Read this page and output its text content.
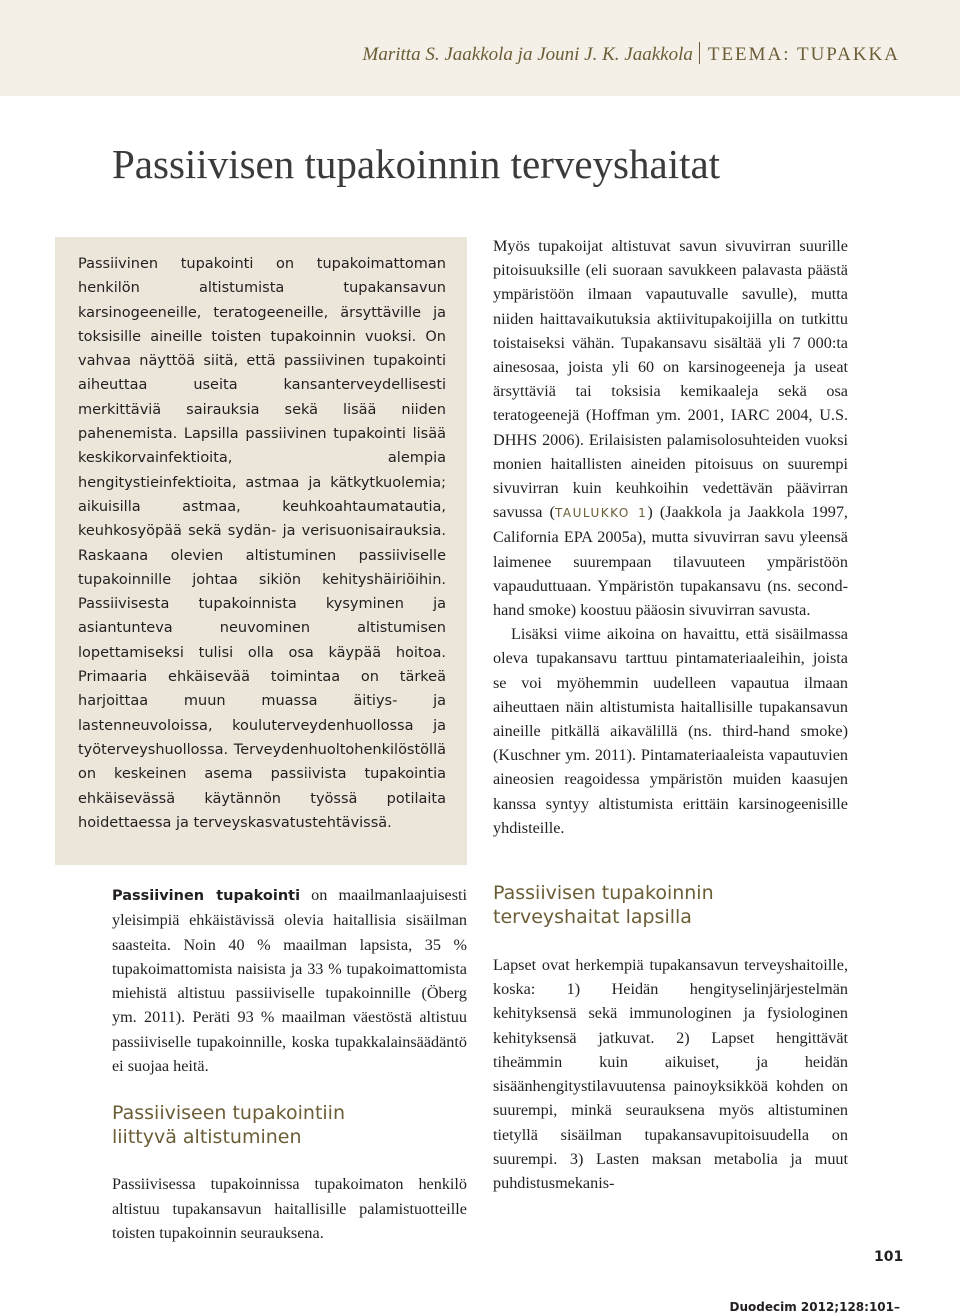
Maritta S. Jaakkola ja Jouni J. K. Jaakkola TEEMA: TUPAKKA
Passiivisen tupakoinnin terveyshaitat

Passiivinen tupakointi on tupakoimattoman henkilön altistumista tupakansavun karsinogeeneille, teratogeeneille, ärsyttäville ja toksisille aineille toisten tupakoinnin vuoksi. On vahvaa näyttöä siitä, että passiivinen tupakointi aiheuttaa useita kansanterveydellisesti merkittäviä sairauksia sekä lisää niiden pahenemista. Lapsilla passiivinen tupakointi lisää keskikorvainfektioita, alempia hengitystieinfektioita, astmaa ja kätkytkuolemia; aikuisilla astmaa, keuhkoahtaumatautia, keuhkosyöpää sekä sydän- ja verisuonisairauksia. Raskaana olevien altistuminen passiiviselle tupakoinnille johtaa sikiön kehityshäiriöihin. Passiivisesta tupakoinnista kysyminen ja asiantunteva neuvominen altistumisen lopettamiseksi tulisi olla osa käypää hoitoa. Primaaria ehkäisevää toimintaa on tärkeä harjoittaa muun muassa äitiys- ja lastenneuvoloissa, kouluterveydenhuollossa ja työterveyshuollossa. Terveydenhuoltohenkilöstöllä on keskeinen asema passiivista tupakointia ehkäisevässä käytännön työssä potilaita hoidettaessa ja terveyskasvatustehtävissä.

Passiivinen tupakointi on maailmanlaajuisesti yleisimpiä ehkäistävissä olevia haitallisia sisäilman saasteita. Noin 40 % maailman lapsista, 35 % tupakoimattomista naisista ja 33 % tupakoimattomista miehistä altistuu passiiviselle tupakoinnille (Öberg ym. 2011). Peräti 93 % maailman väestöstä altistuu passiiviselle tupakoinnille, koska tupakkalainsäädäntö ei suojaa heitä.

Passiiviseen tupakointiin
liittyvä altistuminen

Passiivisessa tupakoinnissa tupakoimaton henkilö altistuu tupakansavun haitallisille palamistuotteille toisten tupakoinnin seurauksena.

Myös tupakoijat altistuvat savun sivuvirran suurille pitoisuuksille (eli suoraan savukkeen palavasta päästä ympäristöön ilmaan vapautuvalle savulle), mutta niiden haittavaikutuksia aktiivitupakoijilla on tutkittu toistaiseksi vähän. Tupakansavu sisältää yli 7 000:ta ainesosaa, joista yli 60 on karsinogeeneja ja useat ärsyttäviä tai toksisia kemikaaleja sekä osa teratogeenejä (Hoffman ym. 2001, IARC 2004, U.S. DHHS 2006). Erilaisisten palamisolosuhteiden vuoksi monien haitallisten aineiden pitoisuus on suurempi sivuvirran kuin keuhkoihin vedettävän päävirran savussa (TAULUKKO 1) (Jaakkola ja Jaakkola 1997, California EPA 2005a), mutta sivuvirran savu yleensä laimenee suurempaan tilavuuteen ympäristöön vapauduttuaan. Ympäristön tupakansavu (ns. second-hand smoke) koostuu pääosin sivuvirran savusta.

Lisäksi viime aikoina on havaittu, että sisäilmassa oleva tupakansavu tarttuu pintamateriaaleihin, joista se voi myöhemmin uudelleen vapautua ilmaan aiheuttaen näin altistumista haitallisille tupakansavun aineille pitkällä aikavälillä (ns. third-hand smoke) (Kuschner ym. 2011). Pintamateriaaleista vapautuvien aineosien reagoidessa ympäristön muiden kaasujen kanssa syntyy altistumista erittäin karsinogeenisille yhdisteille.

Passiivisen tupakoinnin
terveyshaitat lapsilla

Lapset ovat herkempiä tupakansavun terveyshaitoille, koska: 1) Heidän hengityselinjärjestelmän kehityksensä sekä immunologinen ja fysiologinen kehityksensä jatkuvat. 2) Lapset hengittävät tiheämmin kuin aikuiset, ja heidän sisäänhengitystilavuutensa painoyksikköä kohden on suurempi, minkä seurauksena myös altistuminen tietyllä sisäilman tupakansavupitoisuudella on suurempi. 3) Lasten maksan metabolia ja muut puhdistusmekanis-

101
Duodecim 2012;128:101–
